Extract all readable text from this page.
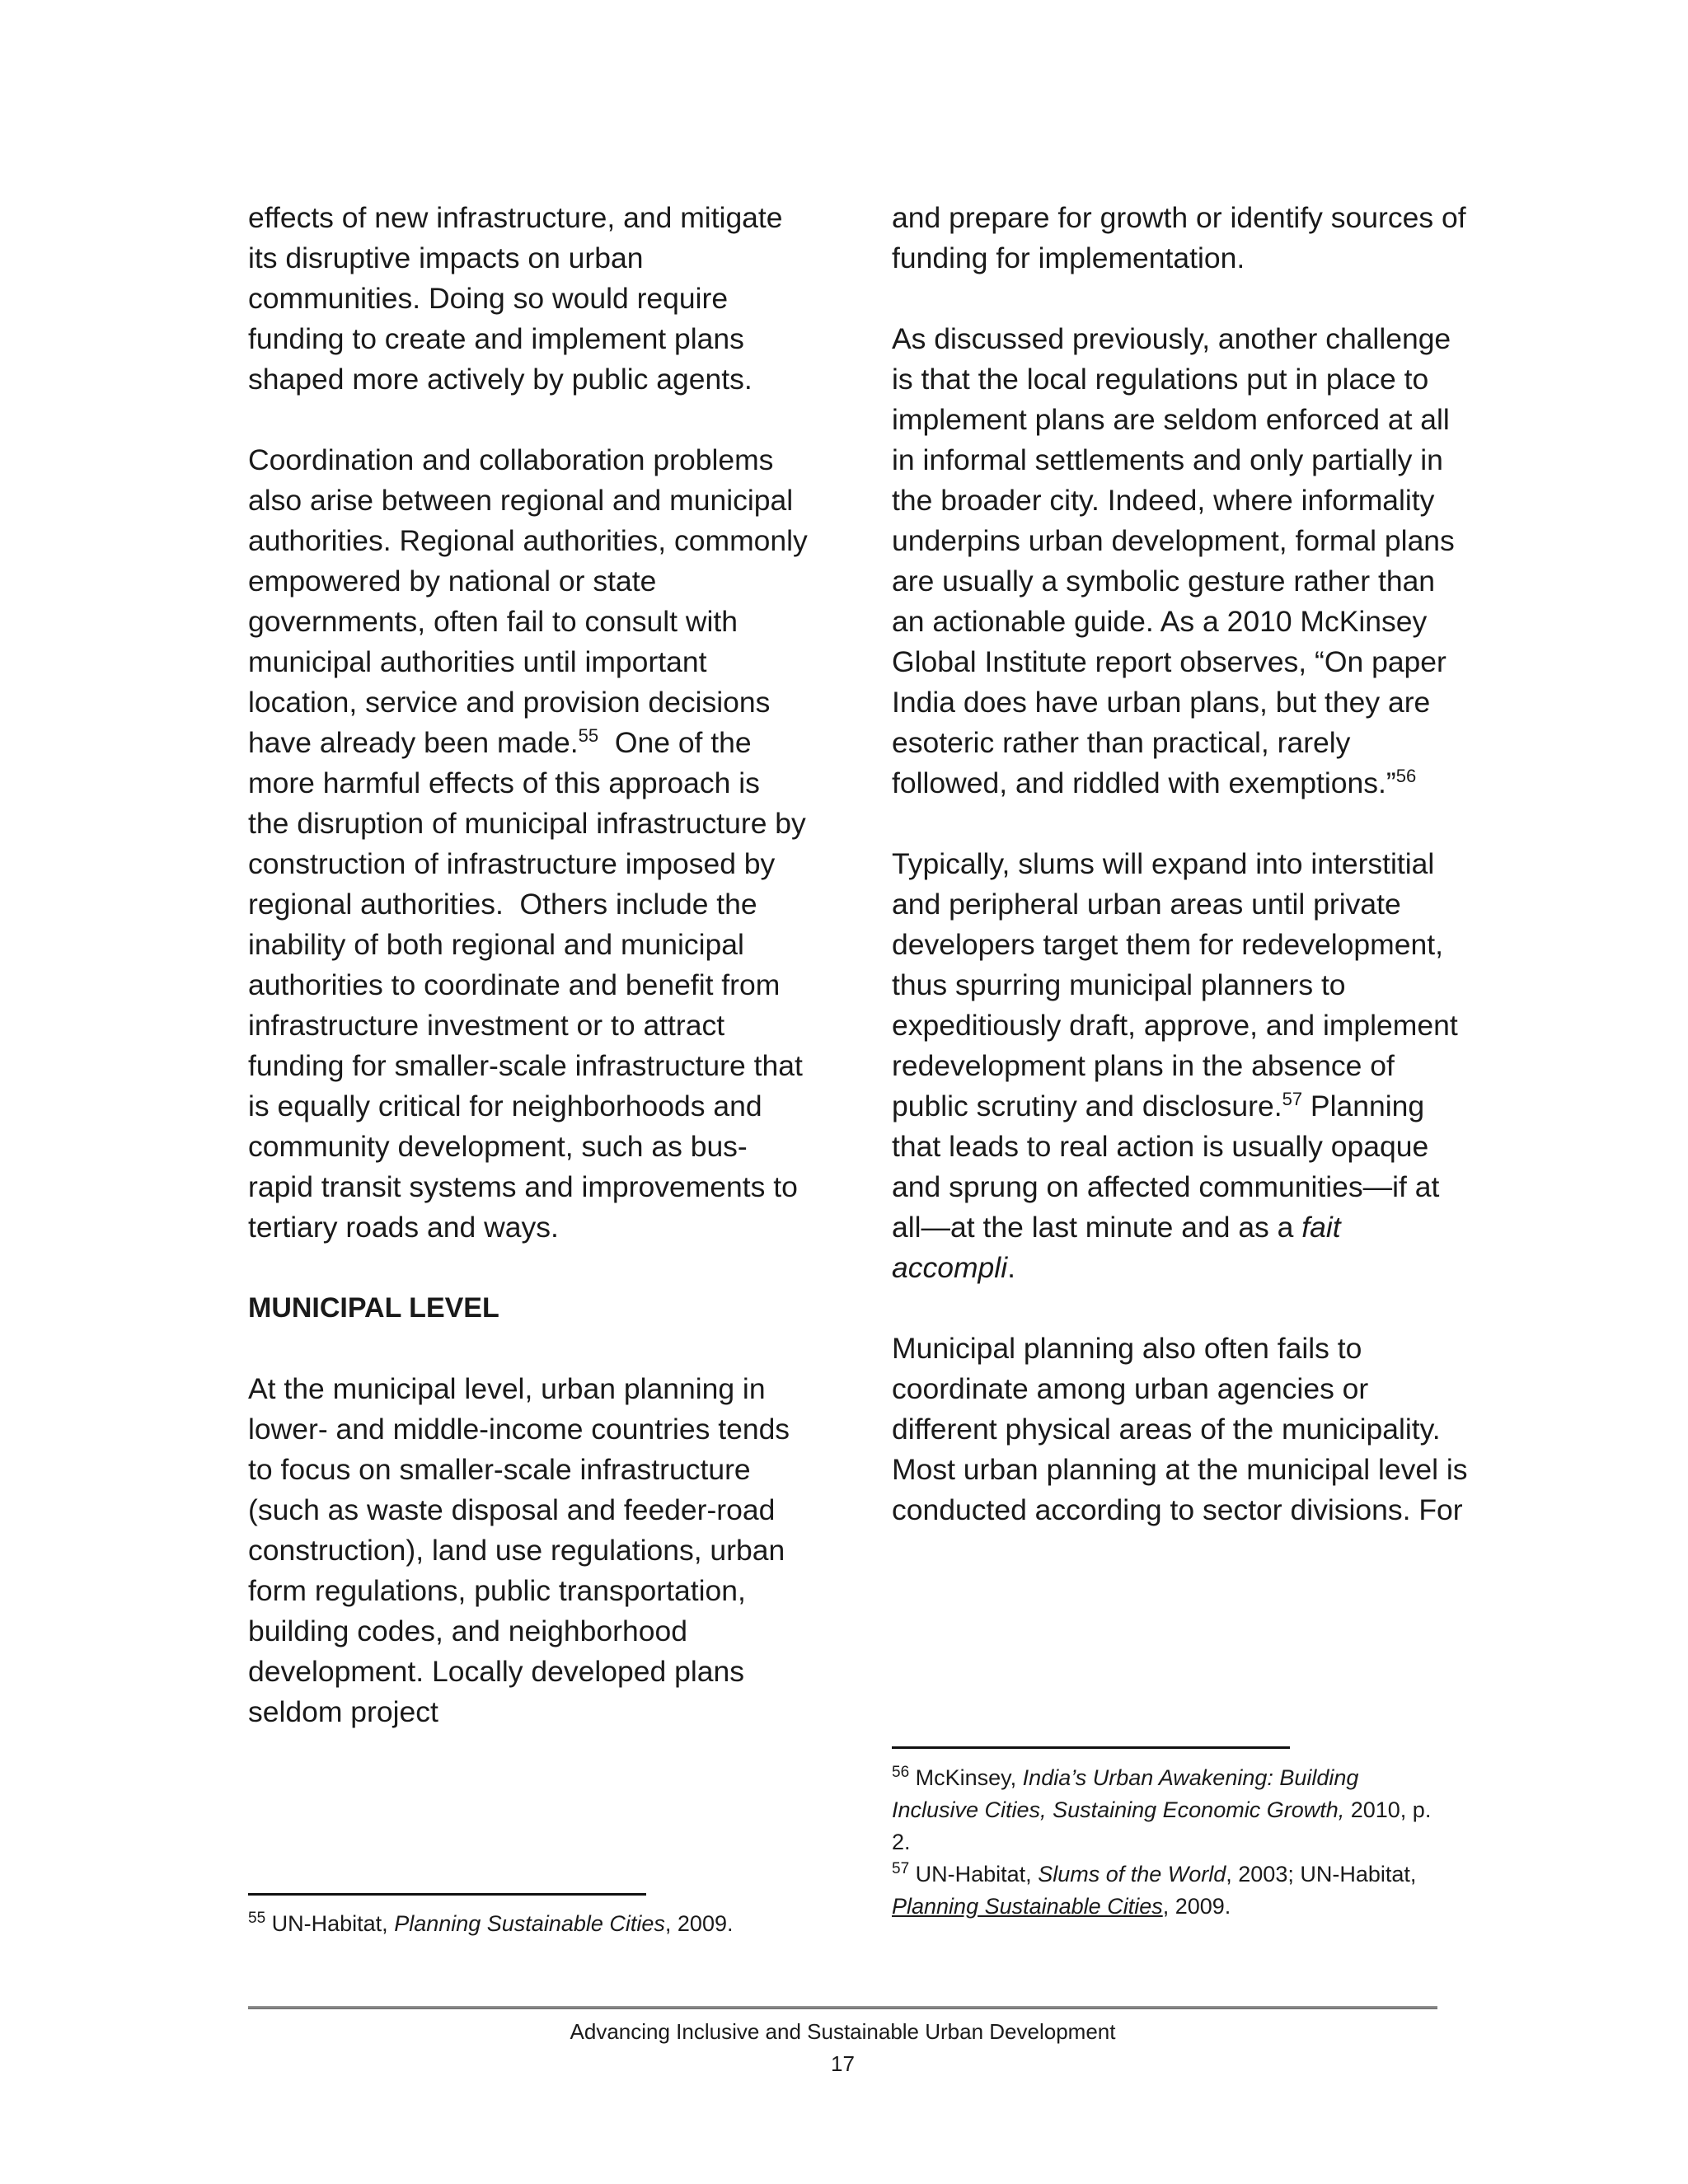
effects of new infrastructure, and mitigate its disruptive impacts on urban communities. Doing so would require funding to create and implement plans shaped more actively by public agents.

Coordination and collaboration problems also arise between regional and municipal authorities. Regional authorities, commonly empowered by national or state governments, often fail to consult with municipal authorities until important location, service and provision decisions have already been made.$^{55}$  One of the more harmful effects of this approach is the disruption of municipal infrastructure by construction of infrastructure imposed by regional authorities.  Others include the inability of both regional and municipal authorities to coordinate and benefit from infrastructure investment or to attract funding for smaller-scale infrastructure that is equally critical for neighborhoods and community development, such as bus-rapid transit systems and improvements to tertiary roads and ways.

MUNICIPAL LEVEL

At the municipal level, urban planning in lower- and middle-income countries tends to focus on smaller-scale infrastructure (such as waste disposal and feeder-road construction), land use regulations, urban form regulations, public transportation, building codes, and neighborhood development. Locally developed plans seldom project

$^{55}$ UN-Habitat, Planning Sustainable Cities, 2009.

and prepare for growth or identify sources of funding for implementation.

As discussed previously, another challenge is that the local regulations put in place to implement plans are seldom enforced at all in informal settlements and only partially in the broader city. Indeed, where informality underpins urban development, formal plans are usually a symbolic gesture rather than an actionable guide. As a 2010 McKinsey Global Institute report observes, “On paper India does have urban plans, but they are esoteric rather than practical, rarely followed, and riddled with exemptions.”$^{56}$

Typically, slums will expand into interstitial and peripheral urban areas until private developers target them for redevelopment, thus spurring municipal planners to expeditiously draft, approve, and implement redevelopment plans in the absence of public scrutiny and disclosure.$^{57}$ Planning that leads to real action is usually opaque and sprung on affected communities—if at all—at the last minute and as a fait accompli.

Municipal planning also often fails to coordinate among urban agencies or different physical areas of the municipality. Most urban planning at the municipal level is conducted according to sector divisions. For

$^{56}$ McKinsey, India’s Urban Awakening: Building Inclusive Cities, Sustaining Economic Growth, 2010, p. 2.

$^{57}$ UN-Habitat, Slums of the World, 2003; UN-Habitat, Planning Sustainable Cities, 2009.

Advancing Inclusive and Sustainable Urban Development
17
